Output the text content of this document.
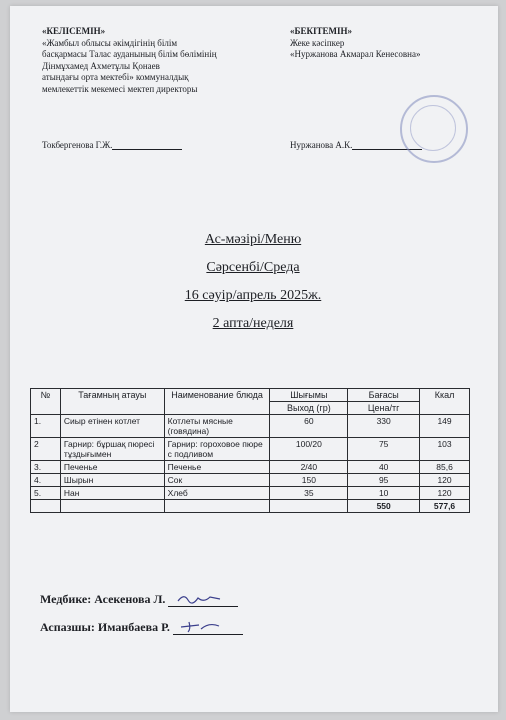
«КЕЛІСЕМІН»
«Жамбыл облысы әкімдігінің білім
басқармасы Талас ауданының білім бөлімінің
Дінмұхамед Ахметұлы Қонаев
атындағы орта мектебі» коммуналдық
мемлекеттік мекемесі мектеп директоры
Токбергенова Г.Ж.
«БЕКІТЕМІН»
Жеке кәсіпкер
«Нуржанова Акмарал Кенесовна»
Нуржанова А.К.
Ас-мәзірі/Меню
Сәрсенбі/Среда
16 сәуір/апрель 2025ж.
2 апта/неделя
№	Тағамның атауы	Наименование блюда	Шығымы	Бағасы	Ккал
			Выход (гр)	Цена/тг	
1.	Сиыр етінен котлет	Котлеты мясные (говядина)	60	330	149
2	Гарнир: бұршақ пюресі тұздығымен	Гарнир: гороховое пюре с подливом	100/20	75	103
3.	Печенье	Печенье	2/40	40	85,6
4.	Шырын	Сок	150	95	120
5.	Нан	Хлеб	35	10	120
				550	577,6
Медбике: Асекенова Л.
Аспазшы: Иманбаева Р.
